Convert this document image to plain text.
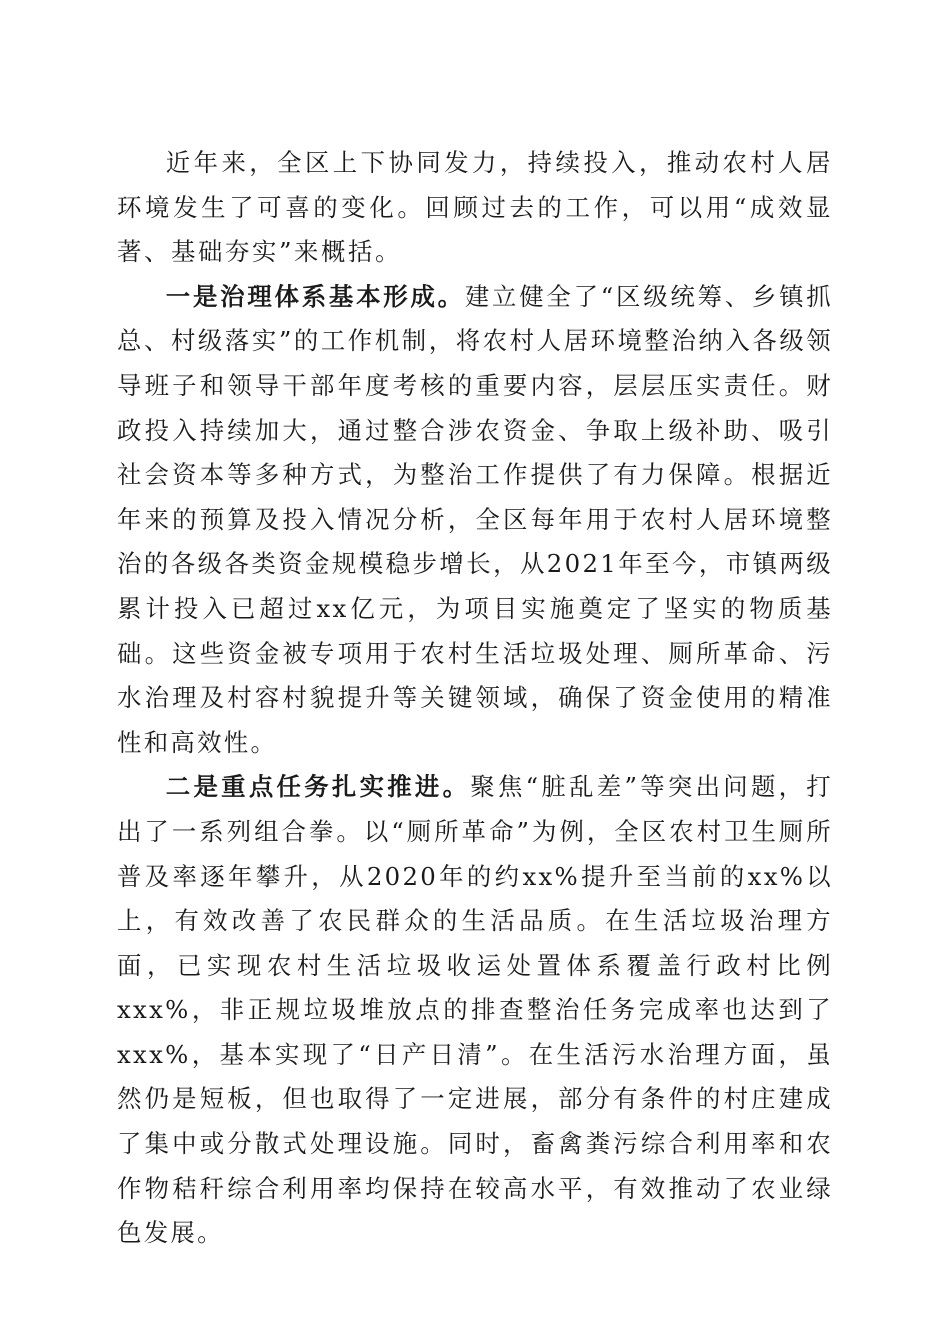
近年来，全区上下协同发力，持续投入，推动农村人居环境发生了可喜的变化。回顾过去的工作，可以用“成效显著、基础夯实”来概括。

一是治理体系基本形成。建立健全了“区级统筹、乡镇抓总、村级落实”的工作机制，将农村人居环境整治纳入各级领导班子和领导干部年度考核的重要内容，层层压实责任。财政投入持续加大，通过整合涉农资金、争取上级补助、吸引社会资本等多种方式，为整治工作提供了有力保障。根据近年来的预算及投入情况分析，全区每年用于农村人居环境整治的各级各类资金规模稳步增长，从2021年至今，市镇两级累计投入已超过xx亿元，为项目实施奠定了坚实的物质基础。这些资金被专项用于农村生活垃圾处理、厕所革命、污水治理及村容村貌提升等关键领域，确保了资金使用的精准性和高效性。

二是重点任务扎实推进。聚焦“脏乱差”等突出问题，打出了一系列组合拳。以“厕所革命”为例，全区农村卫生厕所普及率逐年攀升，从2020年的约xx%提升至当前的xx%以上，有效改善了农民群众的生活品质。在生活垃圾治理方面，已实现农村生活垃圾收运处置体系覆盖行政村比例xxx%，非正规垃圾堆放点的排查整治任务完成率也达到了xxx%，基本实现了“日产日清”。在生活污水治理方面，虽然仍是短板，但也取得了一定进展，部分有条件的村庄建成了集中或分散式处理设施。同时，畜禽粪污综合利用率和农作物秸秆综合利用率均保持在较高水平，有效推动了农业绿色发展。
